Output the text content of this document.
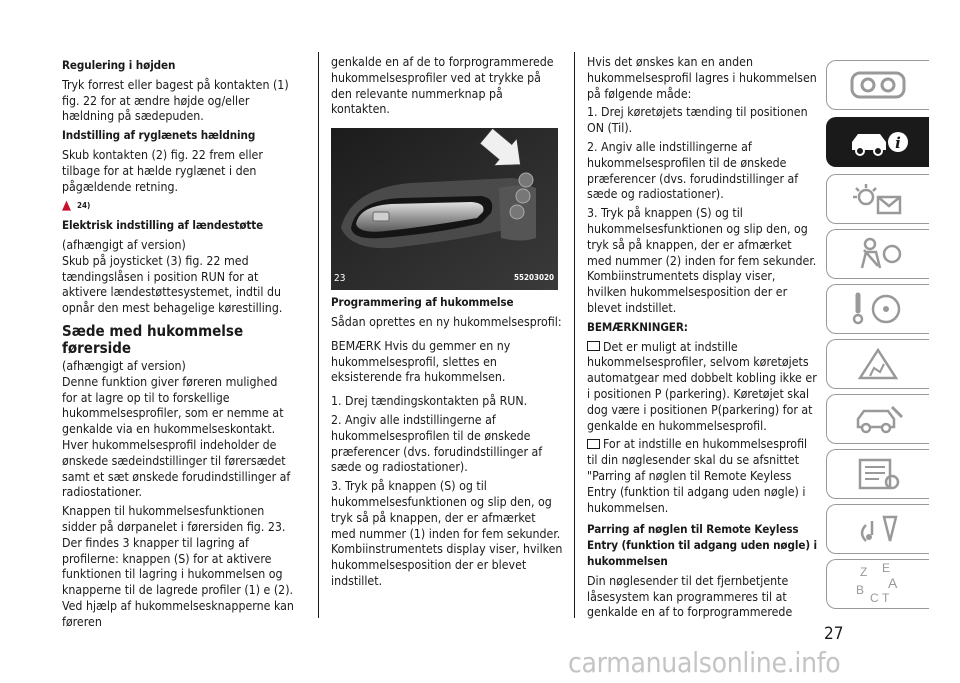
Regulering i højden

Tryk forrest eller bagest på kontakten (1) fig. 22 for at ændre højde og/eller hældning på sædepuden.

Indstilling af ryglænets hældning

Skub kontakten (2) fig. 22 frem eller tilbage for at hælde ryglænet i den pågældende retning.

▲ 24)
Elektrisk indstilling af lændestøtte

(afhængigt af version)

Skub på joysticket (3) fig. 22 med tændingslåsen i position RUN for at aktivere lændestøttesystemet, indtil du opnår den mest behagelige kørestilling.

Sæde med hukommelse førerside

(afhængigt af version)

Denne funktion giver føreren mulighed for at lagre op til to forskellige hukommelsesprofiler, som er nemme at genkalde via en hukommelseskontakt. Hver hukommelsesprofil indeholder de ønskede sædeindstillinger til førersædet samt et sæt ønskede forudindstillinger af radiostationer.

Knappen til hukommelsesfunktionen sidder på dørpanelet i førersiden fig. 23. Der findes 3 knapper til lagring af profilerne: knappen (S) for at aktivere funktionen til lagring i hukommelsen og knapperne til de lagrede profiler (1) e (2). Ved hjælp af hukommelsesknapperne kan føreren

genkalde en af de to forprogrammerede hukommelsesprofiler ved at trykke på den relevante nummerknap på kontakten.

23	55203020
Programmering af hukommelse

Sådan oprettes en ny hukommelsesprofil:

BEMÆRK Hvis du gemmer en ny hukommelsesprofil, slettes en eksisterende fra hukommelsen.

1. Drej tændingskontakten på RUN.

2. Angiv alle indstillingerne af hukommelsesprofilen til de ønskede præferencer (dvs. forudindstillinger af sæde og radiostationer).

3. Tryk på knappen (S) og til hukommelsesfunktionen og slip den, og tryk så på knappen, der er afmærket med nummer (1) inden for fem sekunder. Kombiinstrumentets display viser, hvilken hukommelsesposition der er blevet indstillet.

Hvis det ønskes kan en anden hukommelsesprofil lagres i hukommelsen på følgende måde:

1. Drej køretøjets tænding til positionen ON (Til).

2. Angiv alle indstillingerne af hukommelsesprofilen til de ønskede præferencer (dvs. forudindstillinger af sæde og radiostationer).

3. Tryk på knappen (S) og til hukommelsesfunktionen og slip den, og tryk så på knappen, der er afmærket med nummer (2) inden for fem sekunder. Kombiinstrumentets display viser, hvilken hukommelsesposition der er blevet indstillet.

BEMÆRKNINGER:

Det er muligt at indstille hukommelsesprofiler, selvom køretøjets automatgear med dobbelt kobling ikke er i positionen P (parkering). Køretøjet skal dog være i positionen P(parkering) for at genkalde en hukommelsesprofil.

For at indstille en hukommelsesprofil til din nøglesender skal du se afsnittet "Parring af nøglen til Remote Keyless Entry (funktion til adgang uden nøgle) i hukommelsen.

Parring af nøglen til Remote Keyless Entry (funktion til adgang uden nøgle) i hukommelsen

Din nøglesender til det fjernbetjente låsesystem kan programmeres til at genkalde en af to forprogrammerede

i
Z E
A
B
C T
27
carmanualsonline.info
